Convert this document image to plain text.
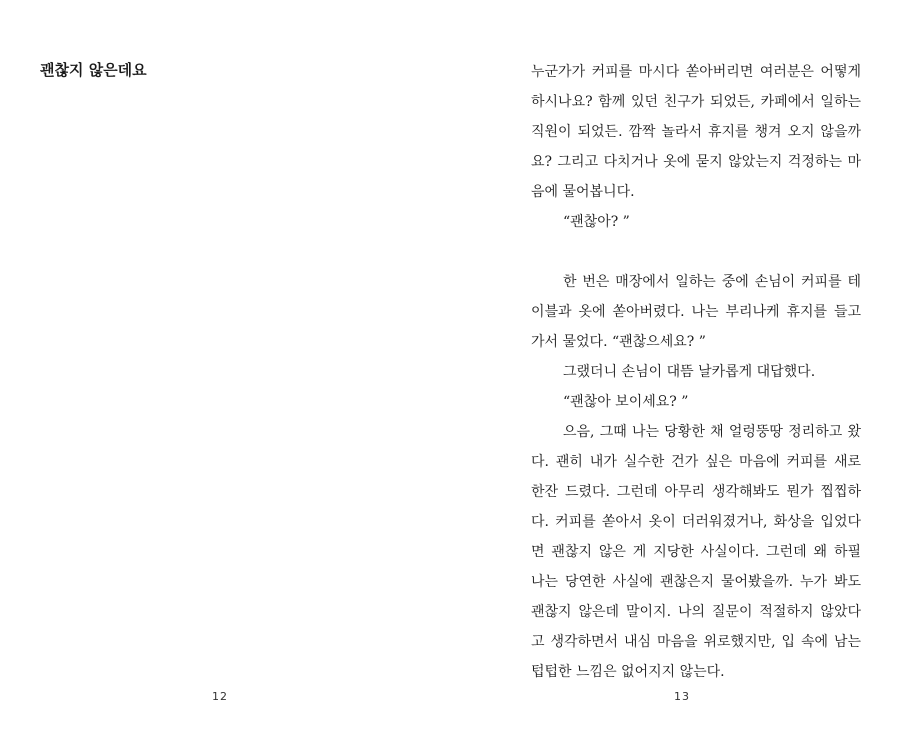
괜찮지 않은데요
12
누군가가 커피를 마시다 쏟아버리면 여러분은 어떻게
하시나요? 함께 있던 친구가 되었든, 카페에서 일하는
직원이 되었든. 깜짝 놀라서 휴지를 챙겨 오지 않을까
요? 그리고 다치거나 옷에 묻지 않았는지 걱정하는 마
음에 물어봅니다.
“괜찮아? ”
한 번은 매장에서 일하는 중에 손님이 커피를 테
이블과 옷에 쏟아버렸다. 나는 부리나케 휴지를 들고
가서 물었다. “괜찮으세요? ”
그랬더니 손님이 대뜸 날카롭게 대답했다.
“괜찮아 보이세요? ”
으음, 그때 나는 당황한 채 얼렁뚱땅 정리하고 왔
다. 괜히 내가 실수한 건가 싶은 마음에 커피를 새로
한잔 드렸다. 그런데 아무리 생각해봐도 뭔가 찝찝하
다. 커피를 쏟아서 옷이 더러워졌거나, 화상을 입었다
면 괜찮지 않은 게 지당한 사실이다. 그런데 왜 하필
나는 당연한 사실에 괜찮은지 물어봤을까. 누가 봐도
괜찮지 않은데 말이지. 나의 질문이 적절하지 않았다
고 생각하면서 내심 마음을 위로했지만, 입 속에 남는
텁텁한 느낌은 없어지지 않는다.
13
